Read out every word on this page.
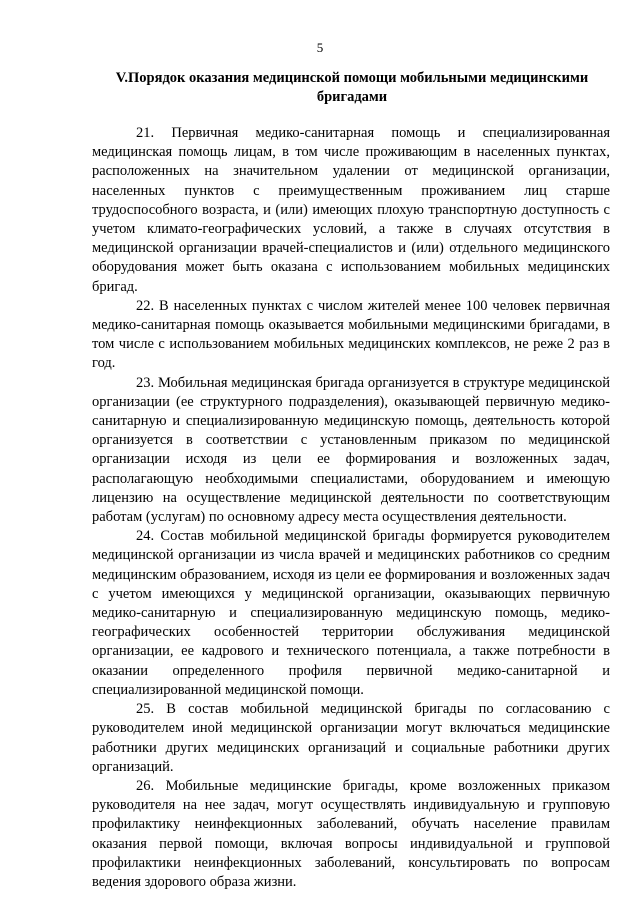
5
V.Порядок оказания медицинской помощи мобильными медицинскими бригадами

21. Первичная медико-санитарная помощь и специализированная медицинская помощь лицам, в том числе проживающим в населенных пунктах, расположенных на значительном удалении от медицинской организации, населенных пунктов с преимущественным проживанием лиц старше трудоспособного возраста, и (или) имеющих плохую транспортную доступность с учетом климато-географических условий, а также в случаях отсутствия в медицинской организации врачей-специалистов и (или) отдельного медицинского оборудования может быть оказана с использованием мобильных медицинских бригад.

22. В населенных пунктах с числом жителей менее 100 человек первичная медико-санитарная помощь оказывается мобильными медицинскими бригадами, в том числе с использованием мобильных медицинских комплексов, не реже 2 раз в год.

23. Мобильная медицинская бригада организуется в структуре медицинской организации (ее структурного подразделения), оказывающей первичную медико-санитарную и специализированную медицинскую помощь, деятельность которой организуется в соответствии с установленным приказом по медицинской организации исходя из цели ее формирования и возложенных задач, располагающую необходимыми специалистами, оборудованием и имеющую лицензию на осуществление медицинской деятельности по соответствующим работам (услугам) по основному адресу места осуществления деятельности.

24. Состав мобильной медицинской бригады формируется руководителем медицинской организации из числа врачей и медицинских работников со средним медицинским образованием, исходя из цели ее формирования и возложенных задач с учетом имеющихся у медицинской организации, оказывающих первичную медико-санитарную и специализированную медицинскую помощь, медико-географических особенностей территории обслуживания медицинской организации, ее кадрового и технического потенциала, а также потребности в оказании определенного профиля первичной медико-санитарной и специализированной медицинской помощи.

25. В состав мобильной медицинской бригады по согласованию с руководителем иной медицинской организации могут включаться медицинские работники других медицинских организаций и социальные работники других организаций.

26. Мобильные медицинские бригады, кроме возложенных приказом руководителя на нее задач, могут осуществлять индивидуальную и групповую профилактику неинфекционных заболеваний, обучать население правилам оказания первой помощи, включая вопросы индивидуальной и групповой профилактики неинфекционных заболеваний, консультировать по вопросам ведения здорового образа жизни.
